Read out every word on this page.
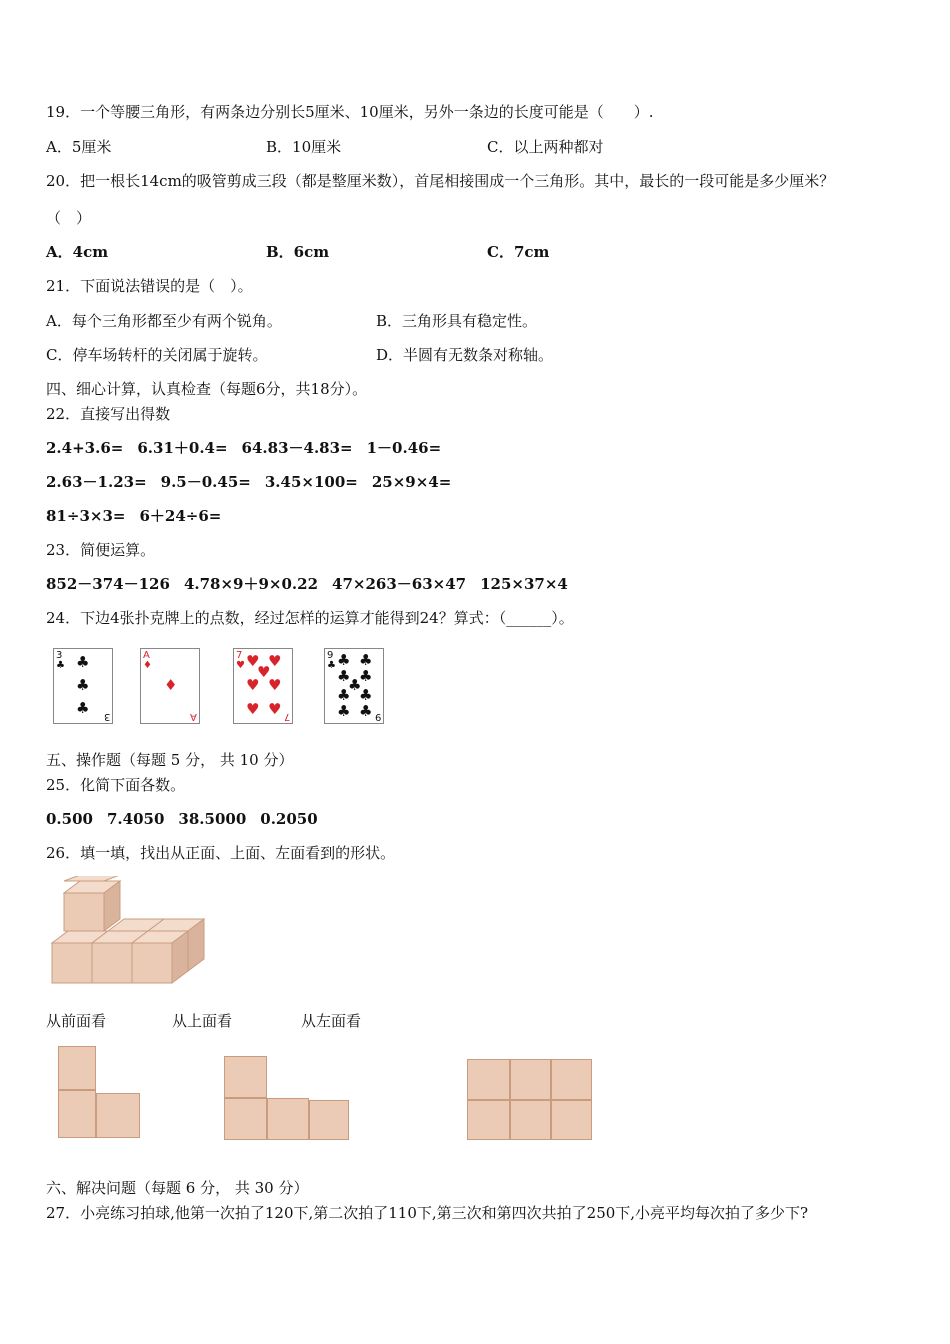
19．一个等腰三角形，有两条边分别长5厘米、10厘米，另外一条边的长度可能是（　　）.
A．5厘米	B．10厘米	C．以上两种都对
20．把一根长14cm的吸管剪成三段（都是整厘米数），首尾相接围成一个三角形。其中，最长的一段可能是多少厘米？
（　）
A．4cm	B．6cm	C．7cm
21．下面说法错误的是（　）。
A．每个三角形都至少有两个锐角。	B．三角形具有稳定性。
C．停车场转杆的关闭属于旋转。	D．半圆有无数条对称轴。
四、细心计算，认真检查（每题6分，共18分）。
22．直接写出得数
2.4+3.6= 6.31＋0.4= 64.83－4.83= 1－0.46=
2.63－1.23= 9.5－0.45= 3.45×100= 25×9×4=
81÷3×3= 6＋24÷6=
23．简便运算。
852－374－126 4.78×9＋9×0.22 47×263－63×47 125×37×4
24．下边4张扑克牌上的点数，经过怎样的运算才能得到24？算式：（______）。
3
♣ ♣
♣
♣ 3
A
♦
♦
A
7
♥ ♥ ♥
♥
♥ ♥
♥ ♥ 7
9
♣ ♣ ♣
♣ ♣
♣
♣ ♣
♣ ♣ 9
五、操作题（每题 5 分， 共 10 分）
25．化简下面各数。
0.500 7.4050 38.5000 0.2050
26．填一填，找出从正面、上面、左面看到的形状。
从前面看	从上面看	从左面看
六、解决问题（每题 6 分， 共 30 分）
27．小亮练习拍球,他第一次拍了120下,第二次拍了110下,第三次和第四次共拍了250下,小亮平均每次拍了多少下?
